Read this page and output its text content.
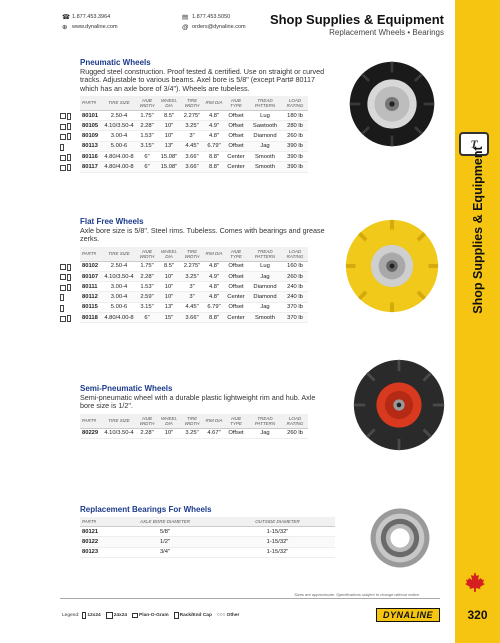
T
Shop Supplies & Equipment
320
☎ 1.877.453.3964	▤ 1.877.453.5050
⊕ www.dynaline.com	@ orders@dynaline.com Shop Supplies & Equipment
Replacement Wheels • Bearings
Pneumatic Wheels
Rugged steel construction. Proof tested & certified. Use on straight or curved tracks. Adjustable to various beams. Axel bore is 5/8" (except Part# 80117 which has an axle bore of 3/4"). Wheels are tubeless.
PART#	TIRE SIZE	HUB WIDTH	WHEEL DIA	TIRE WIDTH	RIM DIA	HUB TYPE	TREAD PATTERN	LOAD RATING
80101	2.50-4	1.75"	8.5"	2.275"	4.8"	Offset	Lug	180 lb
80105	4.10/3.50-4	2.28"	10"	3.25"	4.9"	Offset	Sawtooth	280 lb
80109	3.00-4	1.53"	10"	3"	4.8"	Offset	Diamond	260 lb
80113	5.00-6	3.15"	13"	4.45"	6.79"	Offset	Jag	390 lb
80116	4.80/4.00-8	6"	15.08"	3.66"	8.8"	Center	Smooth	390 lb
80117	4.80/4.00-8	6"	15.08"	3.66"	8.8"	Center	Smooth	390 lb
Flat Free Wheels
Axle bore size is 5/8". Steel rims. Tubeless. Comes with bearings and grease zerks.
PART#	TIRE SIZE	HUB WIDTH	WHEEL DIA	TIRE WIDTH	RIM DIA	HUB TYPE	TREAD PATTERN	LOAD RATING
80102	2.50-4	1.75"	8.5"	2.275"	4.8"	Offset	Lug	160 lb
80107	4.10/3.50-4	2.28"	10"	3.25"	4.9"	Offset	Jag	260 lb
80111	3.00-4	1.53"	10"	3"	4.8"	Offset	Diamond	240 lb
80112	3.00-4	2.59"	10"	3"	4.8"	Center	Diamond	240 lb
80115	5.00-6	3.15"	13"	4.45"	6.79"	Offset	Jag	370 lb
80118	4.80/4.00-8	6"	15"	3.66"	8.8"	Center	Smooth	370 lb
Semi-Pneumatic Wheels
Semi-pneumatic wheel with a durable plastic lightweight rim and hub. Axle bore size is 1/2".
PART#	TIRE SIZE	HUB WIDTH	WHEEL DIA	TIRE WIDTH	RIM DIA	HUB TYPE	TREAD PATTERN	LOAD RATING
80229	4.10/3.50-4	2.28"	10"	3.25"	4.67"	Offset	Jag	260 lb
Replacement Bearings For Wheels
PART#	AXLE BORE DIAMETER	OUTSIDE DIAMETER
80121	5/8"	1-15/32"
80122	1/2"	1-15/32"
80123	3/4"	1-15/32"
Sizes are approximate. Specifications subject to change without notice.
Legend: 12x24	24x24	Plan-O-Gram Rack/End Cap ○○○ Other	DYNALINE
